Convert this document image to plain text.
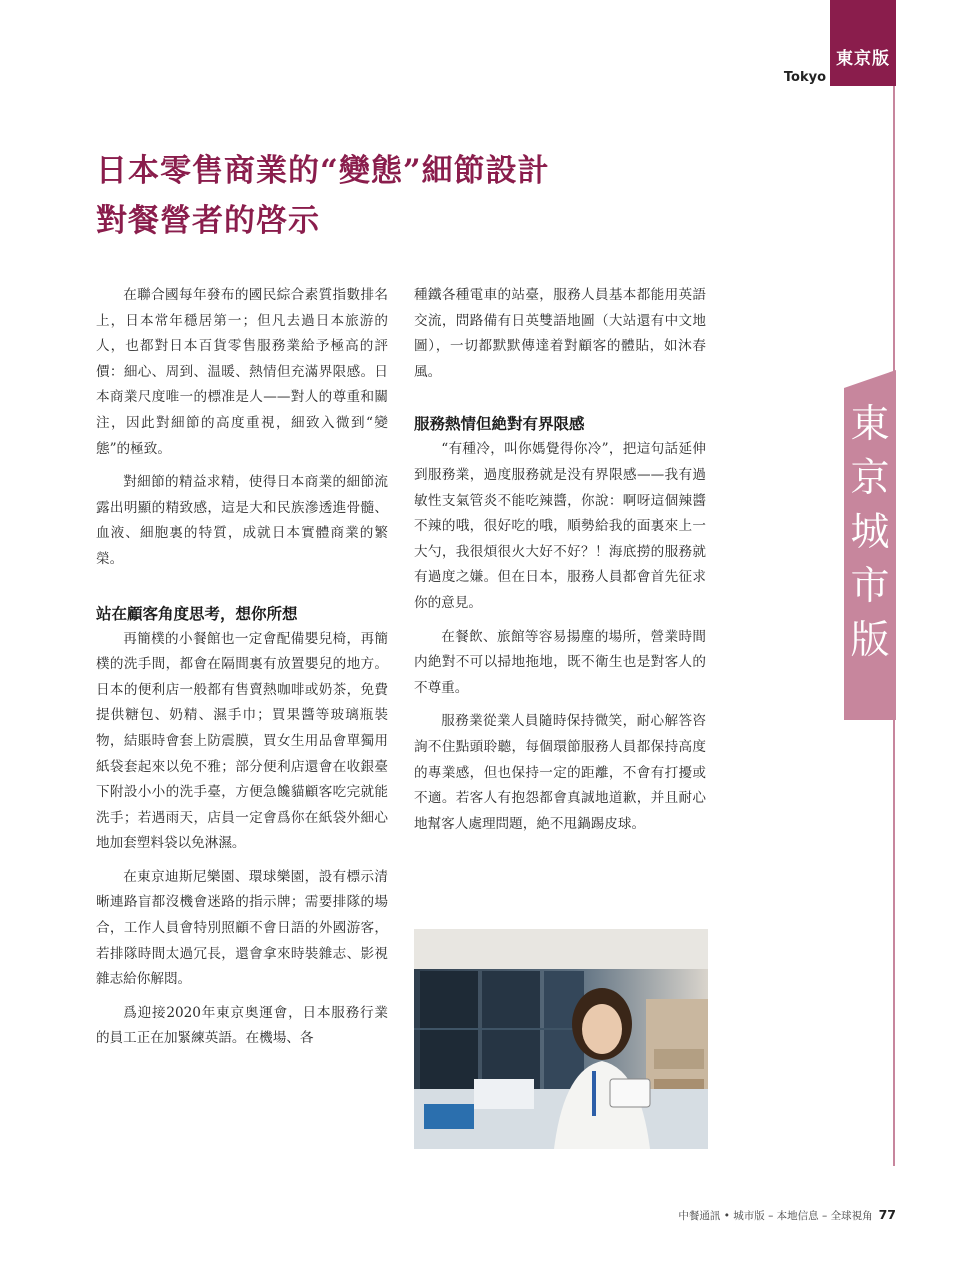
東京版
Tokyo
東京城市版
日本零售商業的“變態”細節設計
對餐營者的啓示

在聯合國每年發布的國民綜合素質指數排名上，日本常年穩居第一；但凡去過日本旅游的人，也都對日本百貨零售服務業給予極高的評價：細心、周到、温暖、熱情但充滿界限感。日本商業尺度唯一的標准是人——對人的尊重和關注，因此對細節的高度重視，細致入微到“變態”的極致。

對細節的精益求精，使得日本商業的細節流露出明顯的精致感，這是大和民族滲透進骨髓、血液、細胞裏的特質，成就日本實體商業的繁榮。

站在顧客角度思考，想你所想

再簡樸的小餐館也一定會配備嬰兒椅，再簡樸的洗手間，都會在隔間裏有放置嬰兒的地方。日本的便利店一般都有售賣熱咖啡或奶茶，免費提供糖包、奶精、濕手巾；買果醬等玻璃瓶裝物，結賬時會套上防震膜，買女生用品會單獨用紙袋套起來以免不雅；部分便利店還會在收銀臺下附設小小的洗手臺，方便急饞貓顧客吃完就能洗手；若遇雨天，店員一定會爲你在紙袋外細心地加套塑料袋以免淋濕。

在東京迪斯尼樂園、環球樂園，設有標示清晰連路盲都沒機會迷路的指示牌；需要排隊的場合，工作人員會特別照顧不會日語的外國游客，若排隊時間太過冗長，還會拿來時裝雜志、影視雜志給你解悶。

爲迎接2020年東京奥運會，日本服務行業的員工正在加緊練英語。在機場、各

種鐵各種電車的站臺，服務人員基本都能用英語交流，問路備有日英雙語地圖（大站還有中文地圖），一切都默默傳達着對顧客的體貼，如沐春風。

服務熱情但絶對有界限感

“有種冷，叫你媽覺得你冷”，把這句話延伸到服務業，過度服務就是没有界限感——我有過敏性支氣管炎不能吃辣醬，你說：啊呀這個辣醬不辣的哦，很好吃的哦，順勢給我的面裏來上一大勺，我很煩很火大好不好？！海底撈的服務就有過度之嫌。但在日本，服務人員都會首先征求你的意見。

在餐飲、旅館等容易揚塵的場所，營業時間内絶對不可以掃地拖地，既不衛生也是對客人的不尊重。

服務業從業人員隨時保持微笑，耐心解答咨詢不住點頭聆聽，每個環節服務人員都保持高度的專業感，但也保持一定的距離，不會有打擾或不適。若客人有抱怨都會真誠地道歉，并且耐心地幫客人處理問題，絶不甩鍋踢皮球。

中餐通訊 • 城市版 – 本地信息 – 全球視角 77
